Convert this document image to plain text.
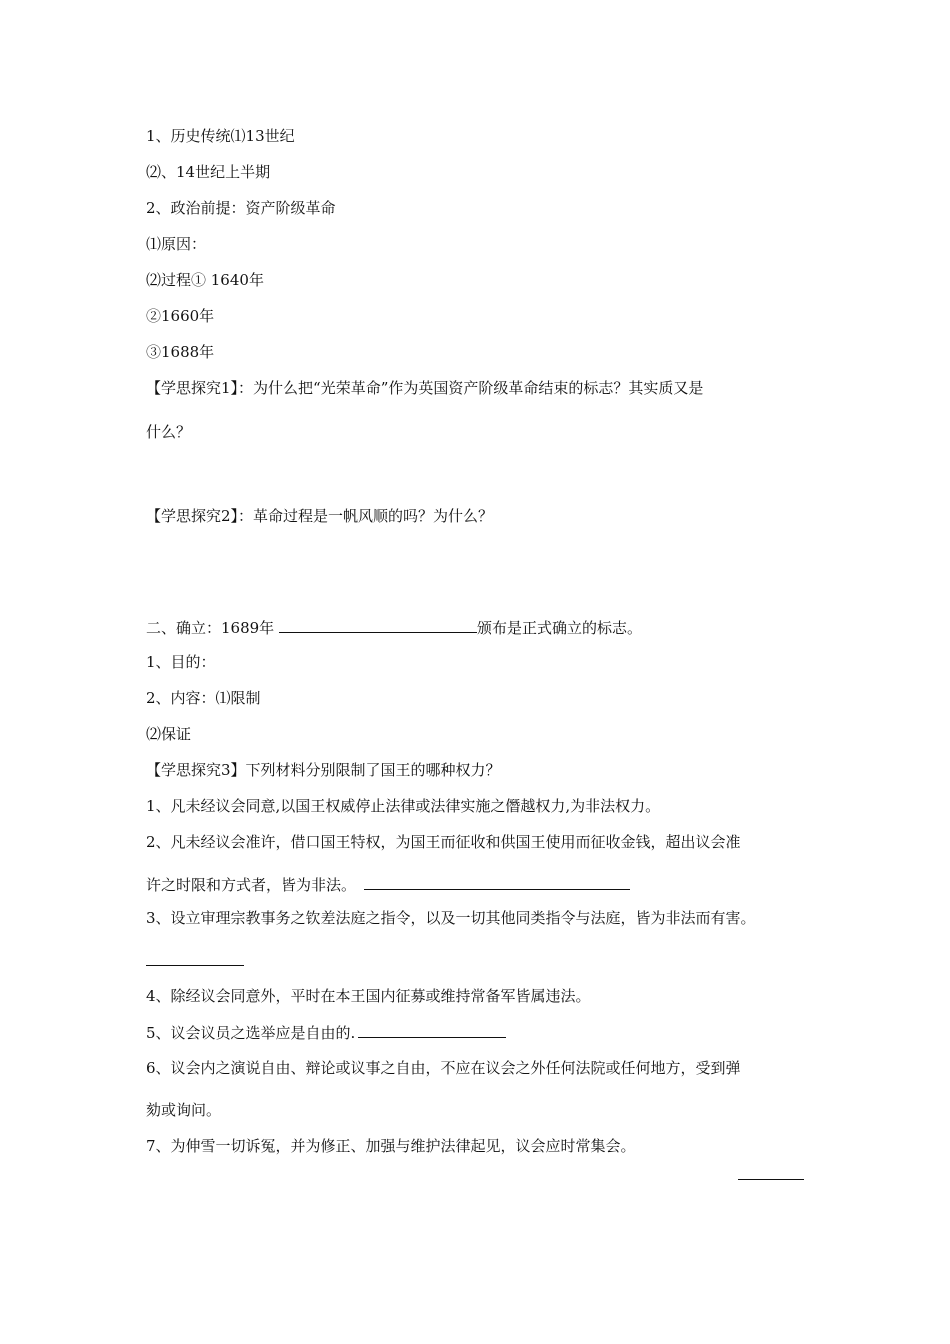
1、历史传统⑴13世纪
⑵、14世纪上半期
2、政治前提：资产阶级革命
⑴原因：
⑵过程① 1640年
②1660年
③1688年
【学思探究1】：为什么把“光荣革命”作为英国资产阶级革命结束的标志？其实质又是
什么？
【学思探究2】：革命过程是一帆风顺的吗？为什么？
二、确立：1689年	颁布是正式确立的标志。
1、目的：
2、内容：⑴限制
⑵保证
【学思探究3】下列材料分别限制了国王的哪种权力？
1、凡未经议会同意,以国王权威停止法律或法律实施之僭越权力,为非法权力。
2、凡未经议会准许，借口国王特权，为国王而征收和供国王使用而征收金钱，超出议会准
许之时限和方式者，皆为非法。
3、设立审理宗教事务之钦差法庭之指令，以及一切其他同类指令与法庭，皆为非法而有害。
4、除经议会同意外，平时在本王国内征募或维持常备军皆属违法。
5、议会议员之选举应是自由的.
6、议会内之演说自由、辩论或议事之自由，不应在议会之外任何法院或任何地方，受到弹
劾或询问。
7、为伸雪一切诉冤，并为修正、加强与维护法律起见，议会应时常集会。
